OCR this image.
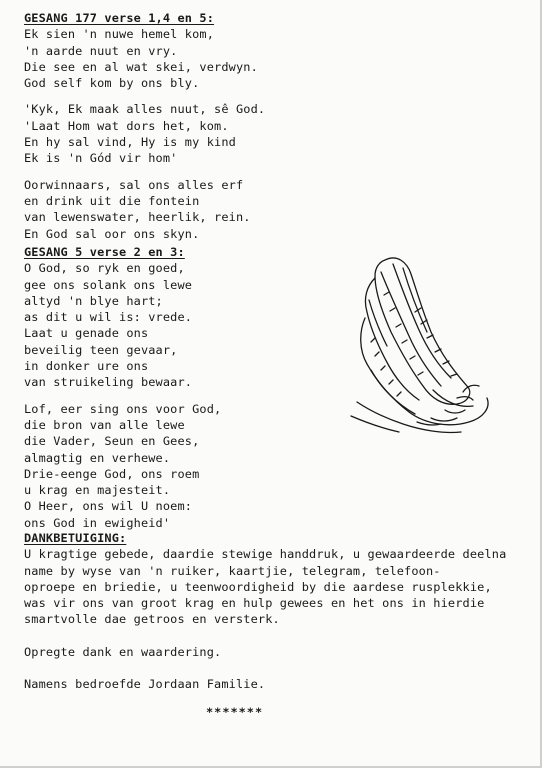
GESANG 177 verse 1,4 en 5:
Ek sien 'n nuwe hemel kom,
'n aarde nuut en vry.
Die see en al wat skei, verdwyn.
God self kom by ons bly.
'Kyk, Ek maak alles nuut, sê God.
'Laat Hom wat dors het, kom.
En hy sal vind, Hy is my kind
Ek is 'n Gód vir hom'
Oorwinnaars, sal ons alles erf
en drink uit die fontein
van lewenswater, heerlik, rein.
En God sal oor ons skyn.
GESANG 5 verse 2 en 3:
O God, so ryk en goed,
gee ons solank ons lewe
altyd 'n blye hart;
as dit u wil is: vrede.
Laat u genade ons
beveilig teen gevaar,
in donker ure ons
van struikeling bewaar.
Lof, eer sing ons voor God,
die bron van alle lewe
die Vader, Seun en Gees,
almagtig en verhewe.
Drie-eenge God, ons roem
u krag en majesteit.
O Heer, ons wil U noem:
ons God in ewigheid'
DANKBETUIGING:
U kragtige gebede, daardie stewige handdruk, u gewaardeerde deelna
name by wyse van 'n ruiker, kaartjie, telegram, telefoon-
oproepe en briedie, u teenwoordigheid by die aardese rusplekkie,
was vir ons van groot krag en hulp gewees en het ons in hierdie
smartvolle dae getroos en versterk.
Opregte dank en waardering.
Namens bedroefde Jordaan Familie.
*******
